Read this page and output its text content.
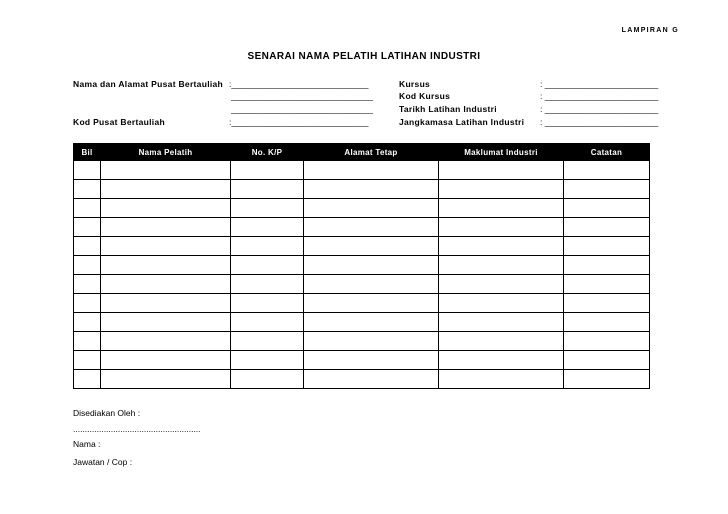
LAMPIRAN G
SENARAI NAMA PELATIH LATIHAN INDUSTRI
Nama dan Alamat Pusat Bertauliah :_____________________________
______________________________
______________________________
Kod Pusat Bertauliah	:_____________________________
Kursus	: ________________________
Kod Kursus	: ________________________
Tarikh Latihan Industri	: ________________________
Jangkamasa Latihan Industri : ________________________
Bil	Nama Pelatih	No. K/P	Alamat Tetap	Maklumat Industri	Catatan

Disediakan Oleh :
......................................................
Nama :
Jawatan / Cop :
